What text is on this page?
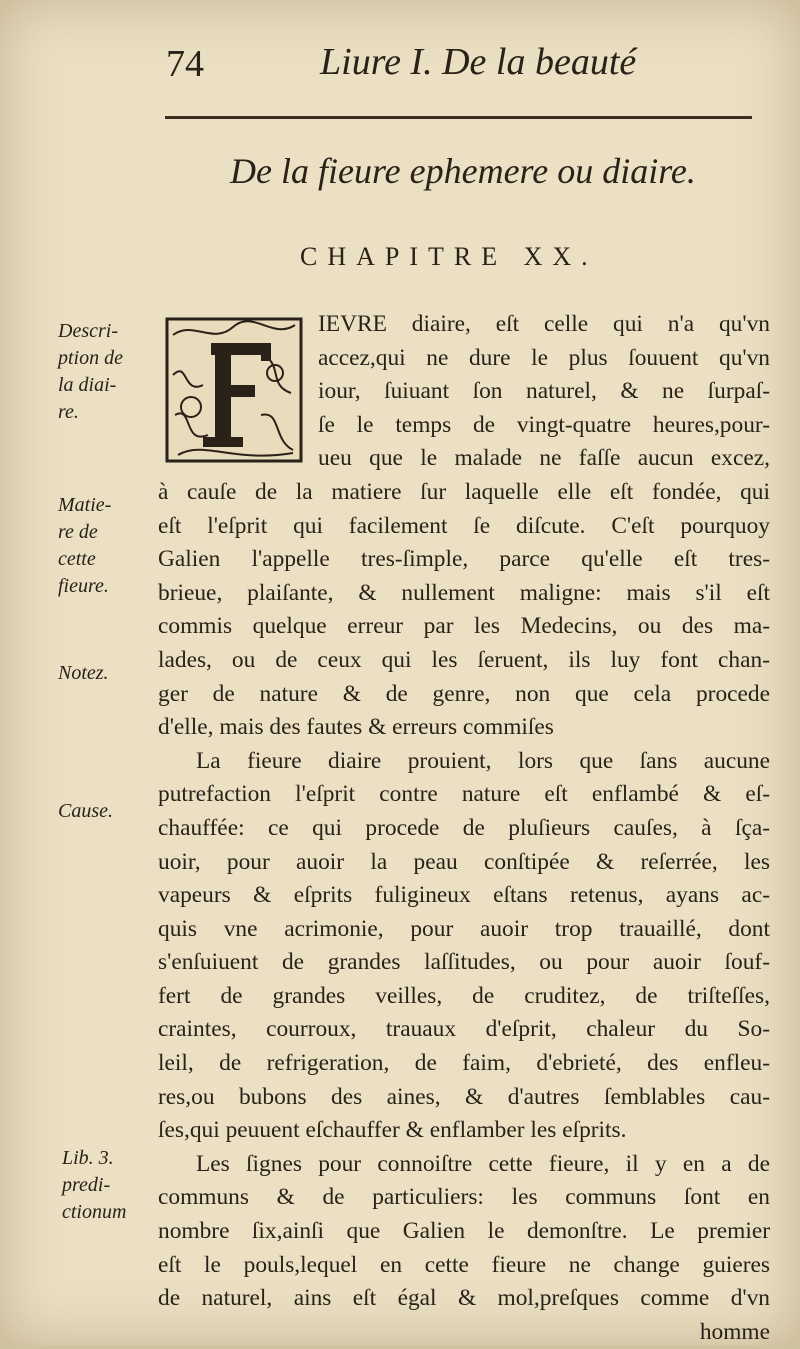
74	Liure I. De la beauté
De la fieure ephemere ou diaire.
CHAPITRE XX.
Descri-
ption de
la diai-
re.
Matie-
re de
cette
fieure.
Notez.
Cause.
Lib. 3.
predi-
ctionum
IEVRE diaire, eſt celle qui n'a qu'vn
accez,qui ne dure le plus ſouuent qu'vn
iour, ſuiuant ſon naturel, & ne ſurpaſ-
ſe le temps de vingt-quatre heures,pour-
ueu que le malade ne faſſe aucun excez,
à cauſe de la matiere ſur laquelle elle eſt fondée, qui
eſt l'eſprit qui facilement ſe diſcute. C'eſt pourquoy
Galien l'appelle tres-ſimple, parce qu'elle eſt tres-
brieue, plaiſante, & nullement maligne: mais s'il eſt
commis quelque erreur par les Medecins, ou des ma-
lades, ou de ceux qui les ſeruent, ils luy font chan-
ger de nature & de genre, non que cela procede
d'elle, mais des fautes & erreurs commiſes
La fieure diaire prouient, lors que ſans aucune
putrefaction l'eſprit contre nature eſt enflambé & eſ-
chauffée: ce qui procede de pluſieurs cauſes, à ſça-
uoir, pour auoir la peau conſtipée & reſerrée, les
vapeurs & eſprits fuligineux eſtans retenus, ayans ac-
quis vne acrimonie, pour auoir trop trauaillé, dont
s'enſuiuent de grandes laſſitudes, ou pour auoir ſouf-
fert de grandes veilles, de cruditez, de triſteſſes,
craintes, courroux, trauaux d'eſprit, chaleur du So-
leil, de refrigeration, de faim, d'ebrieté, des enfleu-
res,ou bubons des aines, & d'autres ſemblables cau-
ſes,qui peuuent eſchauffer & enflamber les eſprits.
Les ſignes pour connoiſtre cette fieure, il y en a de
communs & de particuliers: les communs ſont en
nombre ſix,ainſi que Galien le demonſtre. Le premier
eſt le pouls,lequel en cette fieure ne change guieres
de naturel, ains eſt égal & mol,preſques comme d'vn
homme
